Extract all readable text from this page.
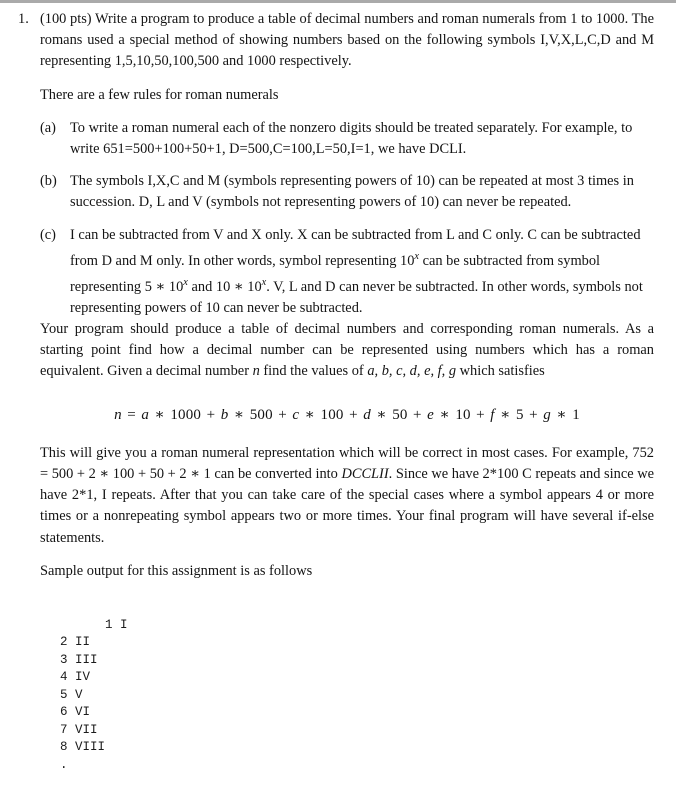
1. (100 pts) Write a program to produce a table of decimal numbers and roman numerals from 1 to 1000. The romans used a special method of showing numbers based on the following symbols I,V,X,L,C,D and M representing 1,5,10,50,100,500 and 1000 respectively.

There are a few rules for roman numerals

(a) To write a roman numeral each of the nonzero digits should be treated separately. For example, to write 651=500+100+50+1, D=500,C=100,L=50,I=1, we have DCLI.
(b) The symbols I,X,C and M (symbols representing powers of 10) can be repeated at most 3 times in succession. D, L and V (symbols not representing powers of 10) can never be repeated.
(c) I can be subtracted from V and X only. X can be subtracted from L and C only. C can be subtracted from D and M only. In other words, symbol representing 10$^x$ can be subtracted from symbol representing 5 ∗ 10$^x$ and 10 ∗ 10$^x$. V, L and D can never be subtracted. In other words, symbols not representing powers of 10 can never be subtracted.

Your program should produce a table of decimal numbers and corresponding roman numerals. As a starting point find how a decimal number can be represented using numbers which has a roman equivalent. Given a decimal number n find the values of a, b, c, d, e, f, g which satisfies

n = a ∗ 1000 + b ∗ 500 + c ∗ 100 + d ∗ 50 + e ∗ 10 + f ∗ 5 + g ∗ 1

This will give you a roman numeral representation which will be correct in most cases. For example, 752 = 500 + 2 ∗ 100 + 50 + 2 ∗ 1 can be converted into DCCLII. Since we have 2*100 C repeats and since we have 2*1, I repeats. After that you can take care of the special cases where a symbol appears 4 or more times or a nonrepeating symbol appears two or more times. Your final program will have several if-else statements.

Sample output for this assignment is as follows

1 I
2 II
3 III
4 IV
5 V
6 VI
7 VII
8 VIII

.
